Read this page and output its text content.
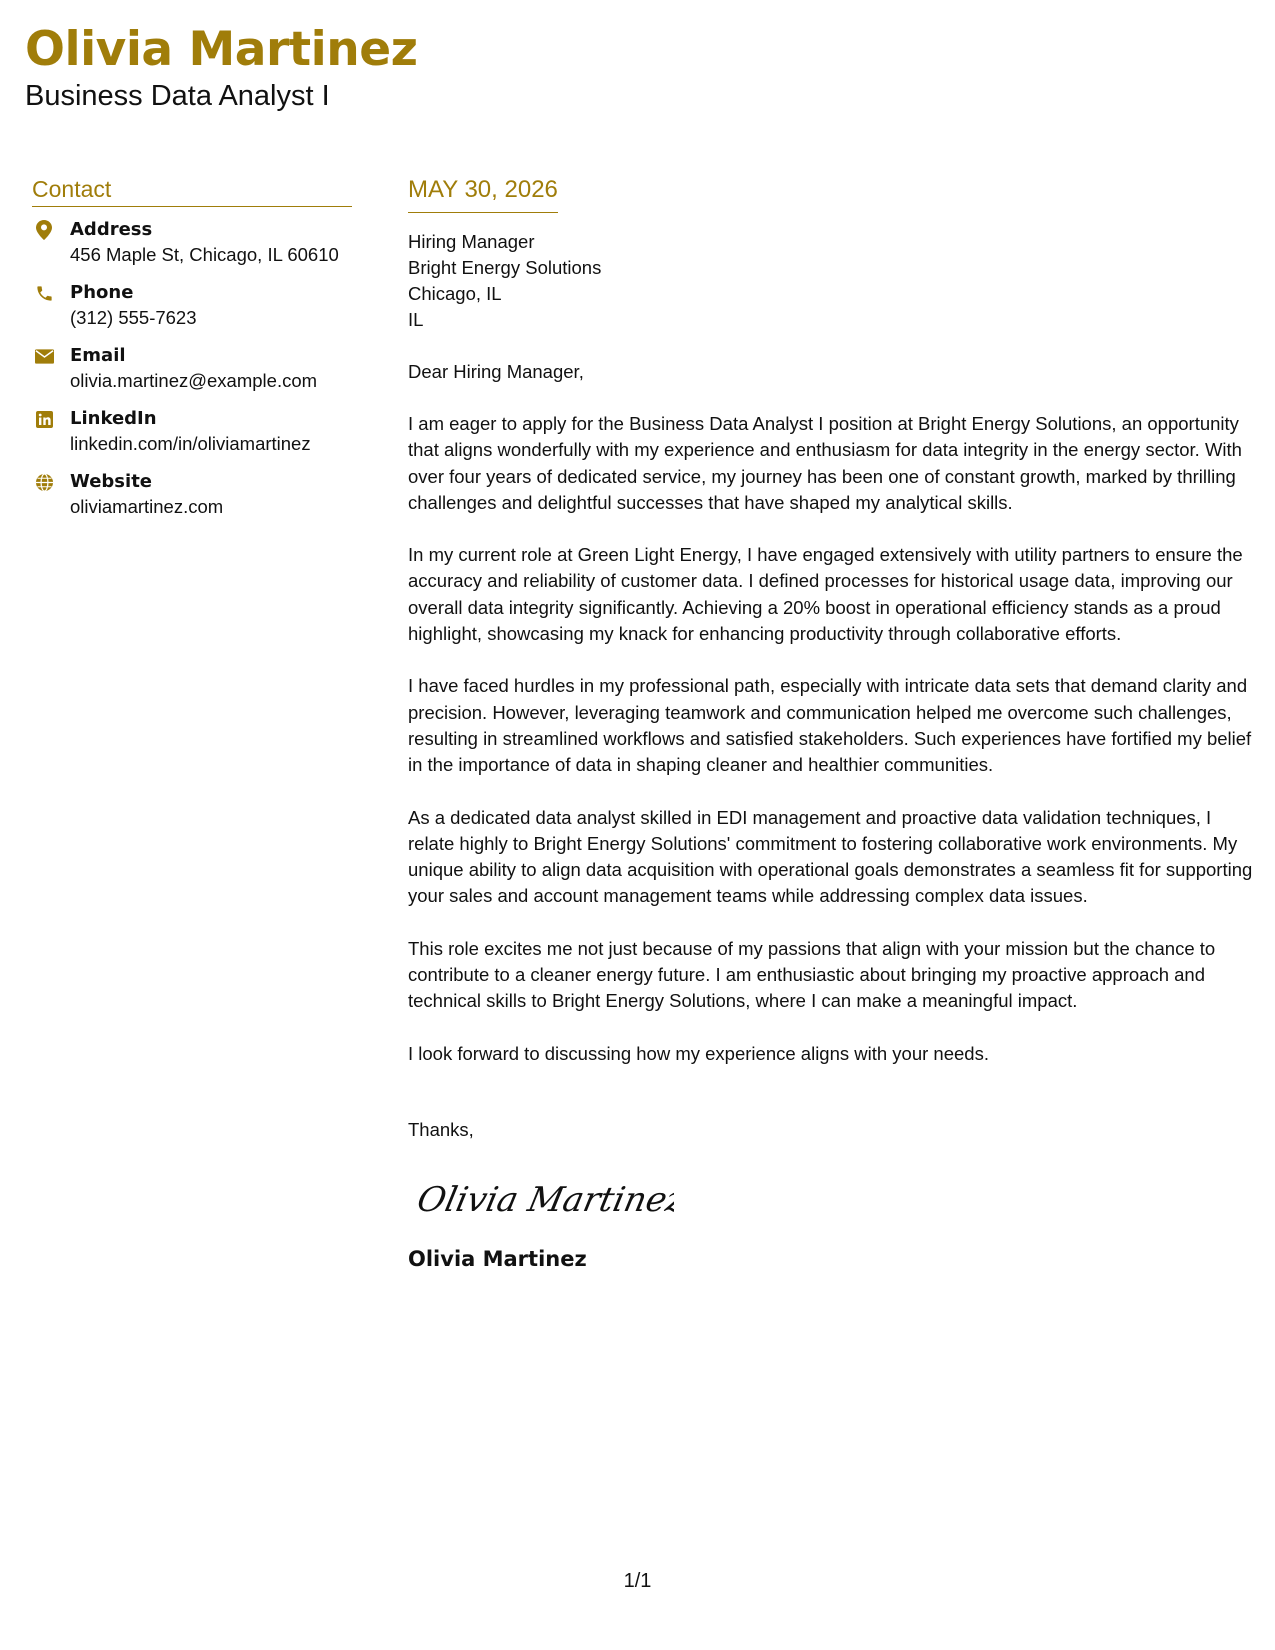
Olivia Martinez
Business Data Analyst I
Contact
Address
456 Maple St, Chicago, IL 60610
Phone
(312) 555-7623
Email
olivia.martinez@example.com
LinkedIn
linkedin.com/in/oliviamartinez
Website
oliviamartinez.com
MAY 30, 2026
Hiring Manager
Bright Energy Solutions
Chicago, IL
IL
Dear Hiring Manager,
I am eager to apply for the Business Data Analyst I position at Bright Energy Solutions, an opportunity that aligns wonderfully with my experience and enthusiasm for data integrity in the energy sector. With over four years of dedicated service, my journey has been one of constant growth, marked by thrilling challenges and delightful successes that have shaped my analytical skills.
In my current role at Green Light Energy, I have engaged extensively with utility partners to ensure the accuracy and reliability of customer data. I defined processes for historical usage data, improving our overall data integrity significantly. Achieving a 20% boost in operational efficiency stands as a proud highlight, showcasing my knack for enhancing productivity through collaborative efforts.
I have faced hurdles in my professional path, especially with intricate data sets that demand clarity and precision. However, leveraging teamwork and communication helped me overcome such challenges, resulting in streamlined workflows and satisfied stakeholders. Such experiences have fortified my belief in the importance of data in shaping cleaner and healthier communities.
As a dedicated data analyst skilled in EDI management and proactive data validation techniques, I relate highly to Bright Energy Solutions' commitment to fostering collaborative work environments. My unique ability to align data acquisition with operational goals demonstrates a seamless fit for supporting your sales and account management teams while addressing complex data issues.
This role excites me not just because of my passions that align with your mission but the chance to contribute to a cleaner energy future. I am enthusiastic about bringing my proactive approach and technical skills to Bright Energy Solutions, where I can make a meaningful impact.
I look forward to discussing how my experience aligns with your needs.
Thanks,
Olivia Martinez
Olivia Martinez
1/1
